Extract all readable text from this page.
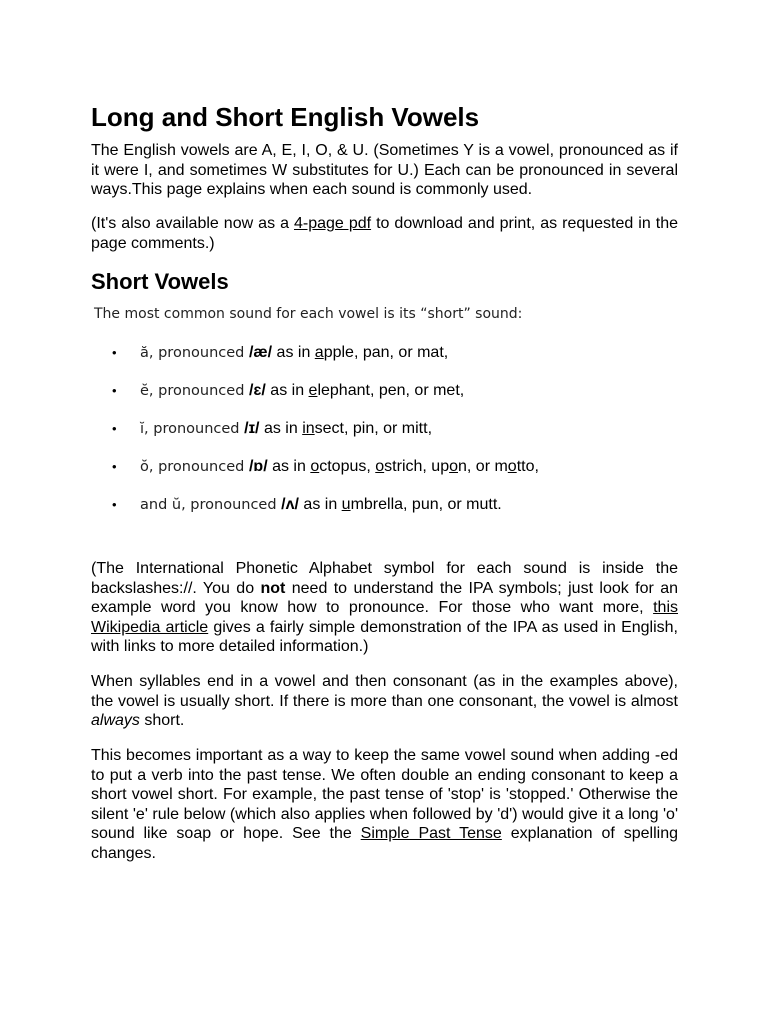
Long and Short English Vowels

The English vowels are A, E, I, O, & U. (Sometimes Y is a vowel, pronounced as if it were I, and sometimes W substitutes for U.) Each can be pronounced in several ways.This page explains when each sound is commonly used.

(It's also available now as a 4-page pdf to download and print, as requested in the page comments.)

Short Vowels

The most common sound for each vowel is its “short” sound:

• ă, pronounced /æ/ as in apple, pan, or mat,
• ĕ, pronounced /ɛ/ as in elephant, pen, or met,
• ĭ, pronounced /ɪ/ as in insect, pin, or mitt,
• ŏ, pronounced /ɒ/ as in octopus, ostrich, upon, or motto,
• and ŭ, pronounced /ʌ/ as in umbrella, pun, or mutt.

(The International Phonetic Alphabet symbol for each sound is inside the backslashes://. You do not need to understand the IPA symbols; just look for an example word you know how to pronounce. For those who want more, this Wikipedia article gives a fairly simple demonstration of the IPA as used in English, with links to more detailed information.)

When syllables end in a vowel and then consonant (as in the examples above), the vowel is usually short. If there is more than one consonant, the vowel is almost always short.

This becomes important as a way to keep the same vowel sound when adding -ed to put a verb into the past tense. We often double an ending consonant to keep a short vowel short. For example, the past tense of 'stop' is 'stopped.' Otherwise the silent 'e' rule below (which also applies when followed by 'd') would give it a long 'o' sound like soap or hope. See the Simple Past Tense explanation of spelling changes.
